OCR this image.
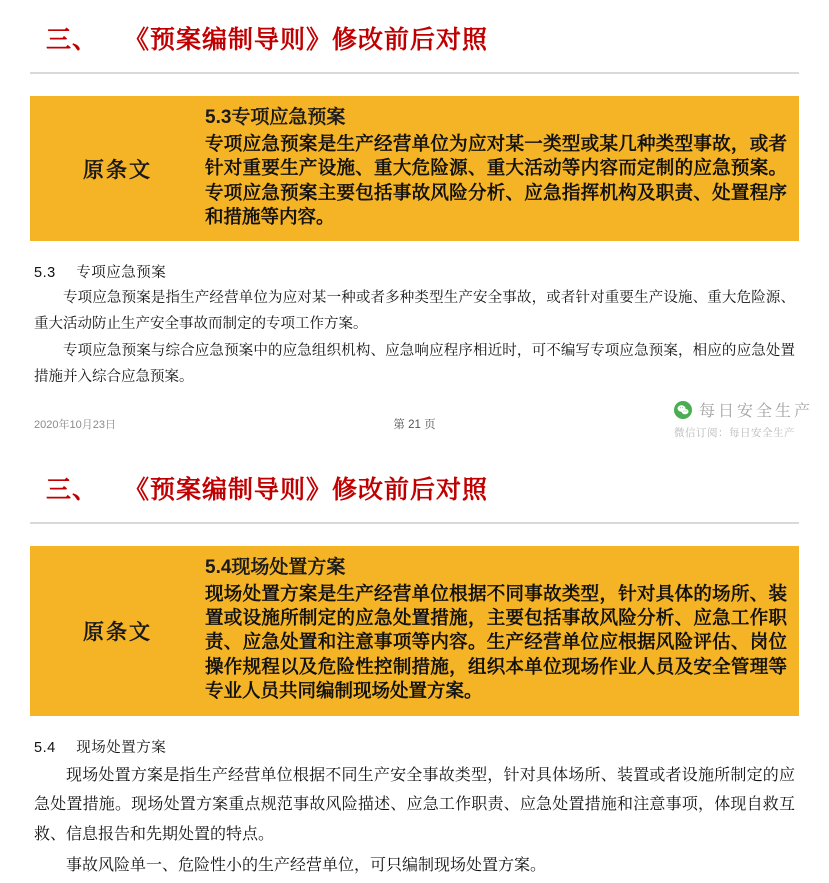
三、 《预案编制导则》修改前后对照
原条文
5.3专项应急预案

专项应急预案是生产经营单位为应对某一类型或某几种类型事故，或者针对重要生产设施、重大危险源、重大活动等内容而定制的应急预案。专项应急预案主要包括事故风险分析、应急指挥机构及职责、处置程序和措施等内容。

5.3 专项应急预案

专项应急预案是指生产经营单位为应对某一种或者多种类型生产安全事故，或者针对重要生产设施、重大危险源、重大活动防止生产安全事故而制定的专项工作方案。

专项应急预案与综合应急预案中的应急组织机构、应急响应程序相近时，可不编写专项应急预案，相应的应急处置措施并入综合应急预案。

2020年10月23日	第 21 页
每日安全生产
微信订阅：每日安全生产
三、 《预案编制导则》修改前后对照
原条文
5.4现场处置方案

现场处置方案是生产经营单位根据不同事故类型，针对具体的场所、装置或设施所制定的应急处置措施，主要包括事故风险分析、应急工作职责、应急处置和注意事项等内容。生产经营单位应根据风险评估、岗位操作规程以及危险性控制措施，组织本单位现场作业人员及安全管理等专业人员共同编制现场处置方案。

5.4 现场处置方案

现场处置方案是指生产经营单位根据不同生产安全事故类型，针对具体场所、装置或者设施所制定的应急处置措施。现场处置方案重点规范事故风险描述、应急工作职责、应急处置措施和注意事项，体现自救互救、信息报告和先期处置的特点。

事故风险单一、危险性小的生产经营单位，可只编制现场处置方案。
